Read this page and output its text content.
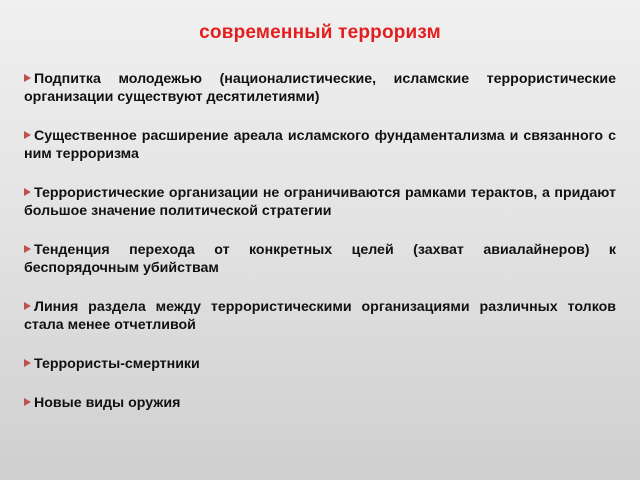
современный терроризм
Подпитка молодежью (националистические, исламские террористические организации существуют десятилетиями)
Существенное расширение ареала исламского фундаментализма и связанного с ним терроризма
Террористические организации не ограничиваются рамками терактов, а придают большое значение политической стратегии
Тенденция перехода от конкретных целей (захват авиалайнеров) к беспорядочным убийствам
Линия раздела между террористическими организациями различных толков стала менее отчетливой
Террористы-смертники
Новые виды оружия
